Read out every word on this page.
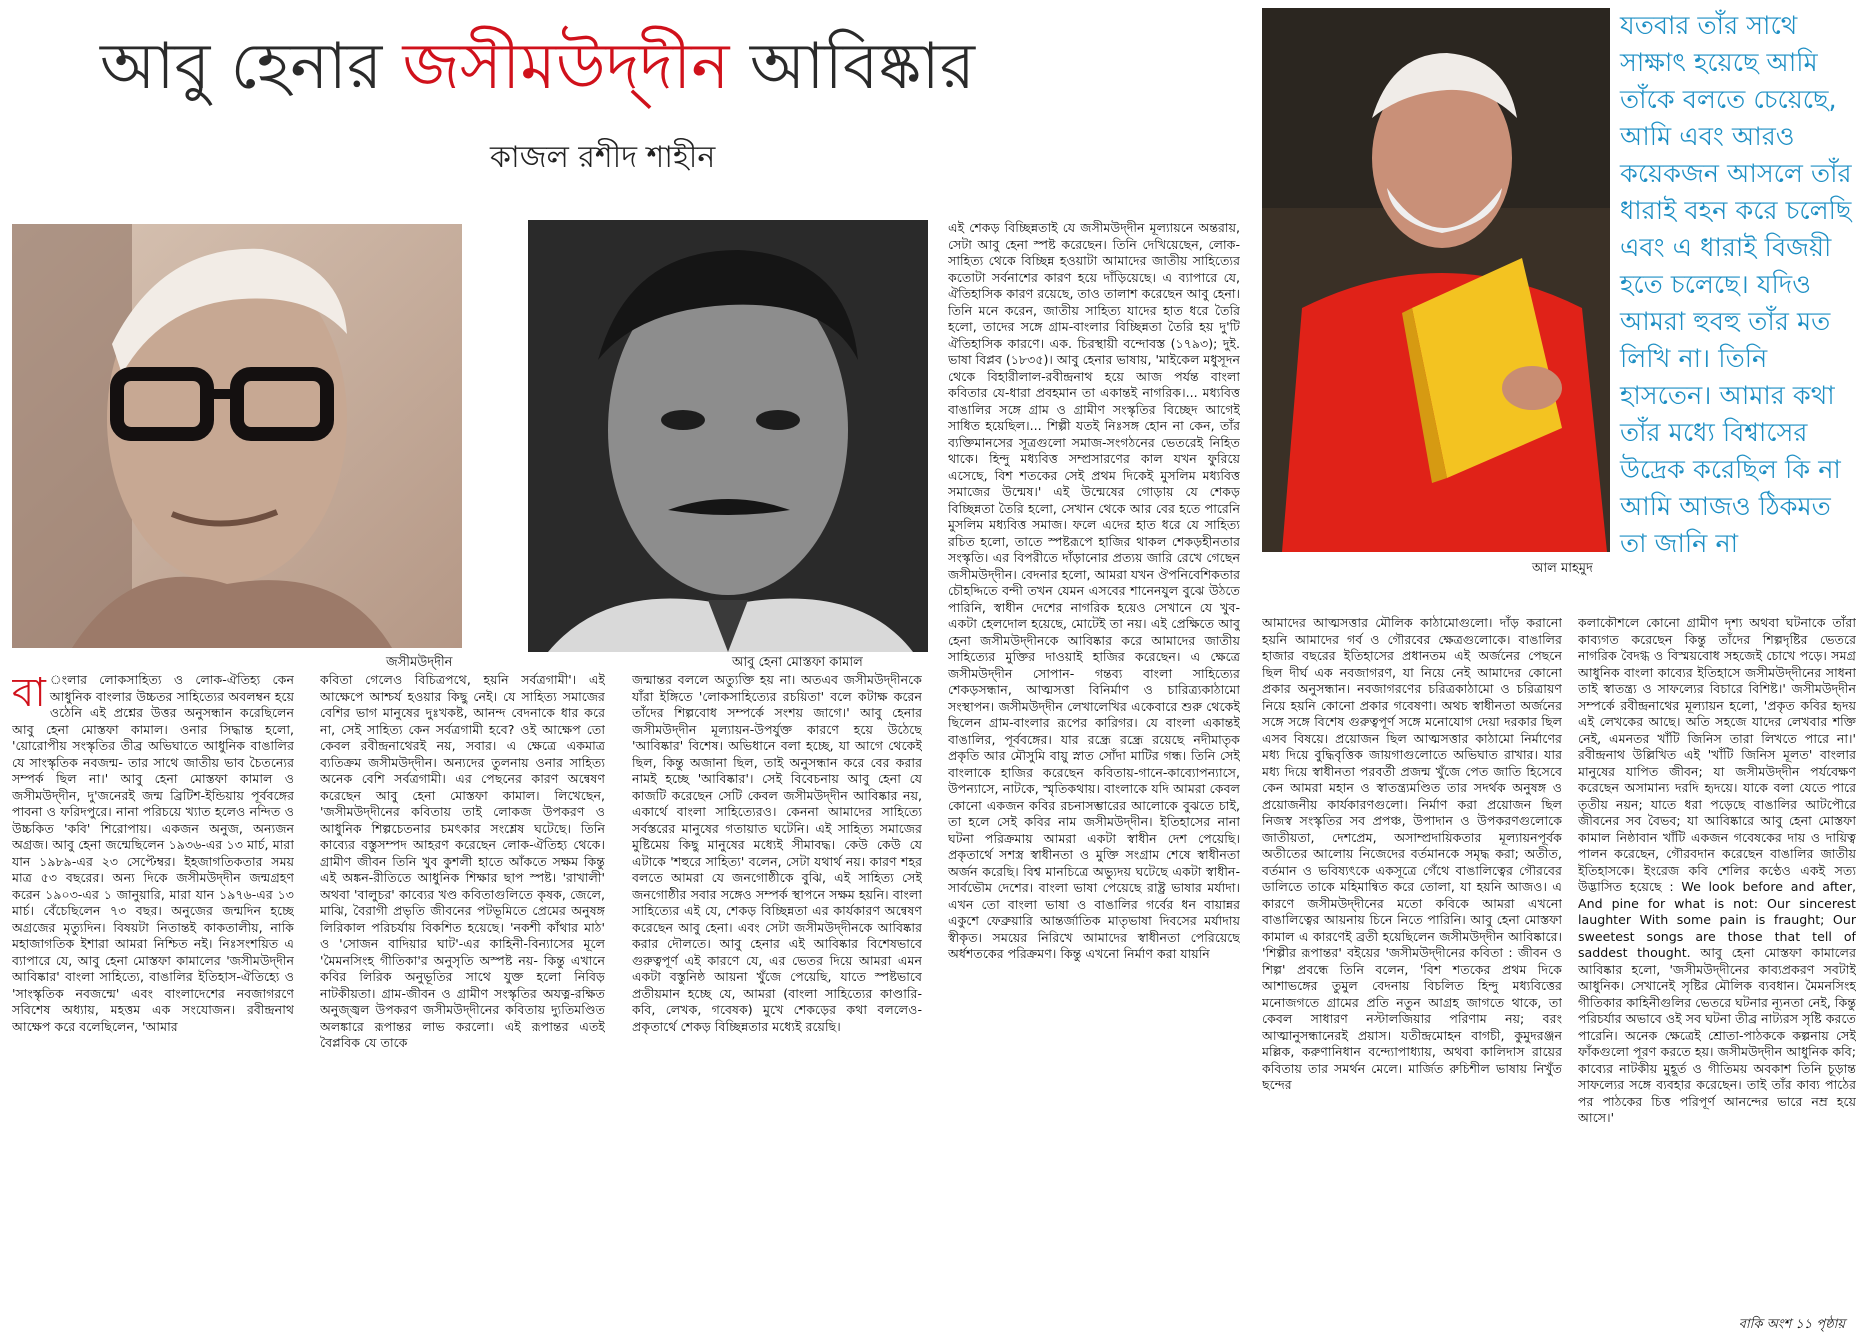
আবু হেনার জসীমউদ্‌দীন আবিষ্কার
কাজল রশীদ শাহীন
জসীমউদ্‌দীন	আবু হেনা মোস্তফা কামাল
আল মাহমুদ
যতবার তাঁর সাথে সাক্ষাৎ হয়েছে আমি তাঁকে বলতে চেয়েছে, আমি এবং আরও কয়েকজন আসলে তাঁর ধারাই বহন করে চলেছি এবং এ ধারাই বিজয়ী হতে চলেছে। যদিও আমরা হুবহু তাঁর মত লিখি না। তিনি হাসতেন। আমার কথা তাঁর মধ্যে বিশ্বাসের উদ্রেক করেছিল কি না আমি আজও ঠিকমত তা জানি না
বা ংলার লোকসাহিত্য ও লোক-ঐতিহ্য কেন আধুনিক বাংলার উচ্চতর সাহিত্যের অবলম্বন হয়ে ওঠেনি এই প্রশ্নের উত্তর অনুসন্ধান করেছিলেন আবু হেনা মোস্তফা কামাল। ওনার সিদ্ধান্ত হলো, 'য়োরোপীয় সংস্কৃতির তীব্র অভিঘাতে আধুনিক বাঙালির যে সাংস্কৃতিক নবজন্ম- তার সাথে জাতীয় ভাব চৈতন্যের সম্পর্ক ছিল না।' আবু হেনা মোস্তফা কামাল ও জসীমউদ্‌দীন, দু'জনেরই জন্ম ব্রিটিশ-ইন্ডিয়ায় পূর্ববঙ্গের পাবনা ও ফরিদপুরে। নানা পরিচয়ে খ্যাত হলেও নন্দিত ও উচ্চকিত 'কবি' শিরোপায়। একজন অনুজ, অন্যজন অগ্রজ। আবু হেনা জন্মেছিলেন ১৯৩৬-এর ১৩ মার্চ, মারা যান ১৯৮৯-এর ২৩ সেপ্টেম্বর। ইহজাগতিকতার সময় মাত্র ৫৩ বছরের। অন্য দিকে জসীমউদ্‌দীন জন্মগ্রহণ করেন ১৯০৩-এর ১ জানুয়ারি, মারা যান ১৯৭৬-এর ১৩ মার্চ। বেঁচেছিলেন ৭৩ বছর। অনুজের জন্মদিন হচ্ছে অগ্রজের মৃত্যুদিন। বিষয়টা নিতান্তই কাকতালীয়, নাকি মহাজাগতিক ইশারা আমরা নিশ্চিত নই। নিঃসংশয়িত এ ব্যাপারে যে, আবু হেনা মোস্তফা কামালের 'জসীমউদ্‌দীন আবিষ্কার' বাংলা সাহিত্যে, বাঙালির ইতিহাস-ঐতিহ্যে ও 'সাংস্কৃতিক নবজন্মে' এবং বাংলাদেশের নবজাগরণে সবিশেষ অধ্যায়, মহত্তম এক সংযোজন। রবীন্দ্রনাথ আক্ষেপ করে বলেছিলেন, 'আমার
কবিতা গেলেও বিচিত্রপথে, হয়নি সর্বত্রগামী'। এই আক্ষেপে আশ্চর্য হওয়ার কিছু নেই। যে সাহিত্য সমাজের বেশির ভাগ মানুষের দুঃখকষ্ট, আনন্দ বেদনাকে ধার করে না, সেই সাহিত্য কেন সর্বত্রগামী হবে? ওই আক্ষেপ তো কেবল রবীন্দ্রনাথেরই নয়, সবার। এ ক্ষেত্রে একমাত্র ব্যতিক্রম জসীমউদ্‌দীন। অন্যদের তুলনায় ওনার সাহিত্য অনেক বেশি সর্বত্রগামী। এর পেছনের কারণ অন্বেষণ করেছেন আবু হেনা মোস্তফা কামাল। লিখেছেন, 'জসীমউদ্‌দীনের কবিতায় তাই লোকজ উপকরণ ও আধুনিক শিল্পচেতনার চমৎকার সংশ্লেষ ঘটেছে। তিনি কাব্যের বস্তুসম্পদ আহরণ করেছেন লোক-ঐতিহ্য থেকে। গ্রামীণ জীবন তিনি খুব কুশলী হাতে আঁকতে সক্ষম কিন্তু এই অঙ্কন-রীতিতে আধুনিক শিক্ষার ছাপ স্পষ্ট। 'রাখালী' অথবা 'বালুচর' কাব্যের খণ্ড কবিতাগুলিতে কৃষক, জেলে, মাঝি, বৈরাগী প্রভৃতি জীবনের পটভূমিতে প্রেমের অনুষঙ্গ লিরিকাল পরিচর্যায় বিকশিত হয়েছে। 'নকশী কাঁথার মাঠ' ও 'সোজন বাদিয়ার ঘাট'-এর কাহিনী-বিন্যাসের মূলে 'মৈমনসিংহ গীতিকা'র অনুসৃতি অস্পষ্ট নয়- কিন্তু এখানে কবির লিরিক অনুভূতির সাথে যুক্ত হলো নিবিড় নাটকীয়তা। গ্রাম-জীবন ও গ্রামীণ সংস্কৃতির অযত্ন-রক্ষিত অনুজ্জ্বল উপকরণ জসীমউদ্‌দীনের কবিতায় দ্যুতিমণ্ডিত অলঙ্কারে রূপান্তর লাভ করলো। এই রূপান্তর এতই বৈপ্লবিক যে তাকে
জন্মান্তর বললে অত্যুক্তি হয় না। অতএব জসীমউদ্‌দীনকে যাঁরা ইঙ্গিতে 'লোকসাহিত্যের রচয়িতা' বলে কটাক্ষ করেন তাঁদের শিল্পবোধ সম্পর্কে সংশয় জাগে।' আবু হেনার জসীমউদ্‌দীন মূল্যায়ন-উপর্যুক্ত কারণে হয়ে উঠেছে 'আবিষ্কার' বিশেষ। অভিধানে বলা হচ্ছে, যা আগে থেকেই ছিল, কিন্তু অজানা ছিল, তাই অনুসন্ধান করে বের করার নামই হচ্ছে 'আবিষ্কার'। সেই বিবেচনায় আবু হেনা যে কাজটি করেছেন সেটি কেবল জসীমউদ্‌দীন আবিষ্কার নয়, একার্থে বাংলা সাহিত্যেরও। কেননা আমাদের সাহিত্যে সর্বস্তরের মানুষের গতায়াত ঘটেনি। এই সাহিত্য সমাজের মুষ্টিমেয় কিছু মানুষের মধ্যেই সীমাবদ্ধ। কেউ কেউ যে এটাকে 'শহুরে সাহিত্য' বলেন, সেটা যথার্থ নয়। কারণ শহর বলতে আমরা যে জনগোষ্ঠীকে বুঝি, এই সাহিত্য সেই জনগোষ্ঠীর সবার সঙ্গেও সম্পর্ক স্থাপনে সক্ষম হয়নি। বাংলা সাহিত্যের এই যে, শেকড় বিচ্ছিন্নতা এর কার্যকারণ অন্বেষণ করেছেন আবু হেনা। এবং সেটা জসীমউদ্‌দীনকে আবিষ্কার করার দৌলতে। আবু হেনার এই আবিষ্কার বিশেষভাবে গুরুত্বপূর্ণ এই কারণে যে, এর ভেতর দিয়ে আমরা এমন একটা বস্তুনিষ্ঠ আয়না খুঁজে পেয়েছি, যাতে স্পষ্টভাবে প্রতীয়মান হচ্ছে যে, আমরা (বাংলা সাহিত্যের কাণ্ডারি- কবি, লেখক, গবেষক) মুখে শেকড়ের কথা বললেও- প্রকৃতার্থে শেকড় বিচ্ছিন্নতার মধ্যেই রয়েছি।
এই শেকড় বিচ্ছিন্নতাই যে জসীমউদ্‌দীন মূল্যায়নে অন্তরায়, সেটা আবু হেনা স্পষ্ট করেছেন। তিনি দেখিয়েছেন, লোক-সাহিত্য থেকে বিচ্ছিন্ন হওয়াটা আমাদের জাতীয় সাহিত্যের কতোটা সর্বনাশের কারণ হয়ে দাঁড়িয়েছে। এ ব্যাপারে যে, ঐতিহাসিক কারণ রয়েছে, তাও তালাশ করেছেন আবু হেনা। তিনি মনে করেন, জাতীয় সাহিত্য যাদের হাত ধরে তৈরি হলো, তাদের সঙ্গে গ্রাম-বাংলার বিচ্ছিন্নতা তৈরি হয় দু'টি ঐতিহাসিক কারণে। এক. চিরস্থায়ী বন্দোবস্ত (১৭৯৩); দুই. ভাষা বিপ্লব (১৮৩৫)। আবু হেনার ভাষায়, 'মাইকেল মধুসূদন থেকে বিহারীলাল-রবীন্দ্রনাথ হয়ে আজ পর্যন্ত বাংলা কবিতার যে-ধারা প্রবহমান তা একান্তই নাগরিক।... মধ্যবিত্ত বাঙালির সঙ্গে গ্রাম ও গ্রামীণ সংস্কৃতির বিচ্ছেদ আগেই সাধিত হয়েছিল।... শিল্পী যতই নিঃসঙ্গ হোন না কেন, তাঁর ব্যক্তিমানসের সূত্রগুলো সমাজ-সংগঠনের ভেতরেই নিহিত থাকে। হিন্দু মধ্যবিত্ত সম্প্রসারণের কাল যখন ফুরিয়ে এসেছে, বিশ শতকের সেই প্রথম দিকেই মুসলিম মধ্যবিত্ত সমাজের উন্মেষ।' এই উন্মেষের গোড়ায় যে শেকড় বিচ্ছিন্নতা তৈরি হলো, সেখান থেকে আর বের হতে পারেনি মুসলিম মধ্যবিত্ত সমাজ। ফলে এদের হাত ধরে যে সাহিত্য রচিত হলো, তাতে স্পষ্টরূপে হাজির থাকল শেকড়হীনতার সংস্কৃতি। এর বিপরীতে দাঁড়ানোর প্রত্যয় জারি রেখে গেছেন জসীমউদ্‌দীন। বেদনার হলো, আমরা যখন ঔপনিবেশিকতার চৌহদ্দিতে বন্দী তখন যেমন এসবের শানেনযুল বুঝে উঠতে পারিনি, স্বাধীন দেশের নাগরিক হয়েও সেখানে যে খুব-একটা হেলদোল হয়েছে, মোটেই তা নয়। এই প্রেক্ষিতে আবু হেনা জসীমউদ্‌দীনকে আবিষ্কার করে আমাদের জাতীয় সাহিত্যের মুক্তির দাওয়াই হাজির করেছেন। এ ক্ষেত্রে জসীমউদ্‌দীন সোপান- গন্তব্য বাংলা সাহিত্যের শেকড়সন্ধান, আত্মসত্তা বিনির্মাণ ও চারিত্র্যকাঠামো সংস্থাপন। জসীমউদ্‌দীন লেখালেখির একেবারে শুরু থেকেই ছিলেন গ্রাম-বাংলার রূপের কারিগর। যে বাংলা একান্তই বাঙালির, পূর্ববঙ্গের। যার রন্ধ্রে রন্ধ্রে রয়েছে নদীমাতৃক প্রকৃতি আর মৌসুমি বায়ু স্নাত সোঁদা মাটির গন্ধ। তিনি সেই বাংলাকে হাজির করেছেন কবিতায়-গানে-কাব্যোপন্যাসে, উপন্যাসে, নাটকে, স্মৃতিকথায়। বাংলাকে যদি আমরা কেবল কোনো একজন কবির রচনাসম্ভারের আলোকে বুঝতে চাই, তা হলে সেই কবির নাম জসীমউদ্‌দীন। ইতিহাসের নানা ঘটনা পরিক্রমায় আমরা একটা স্বাধীন দেশ পেয়েছি। প্রকৃতার্থে সশস্ত্র স্বাধীনতা ও মুক্তি সংগ্রাম শেষে স্বাধীনতা অর্জন করেছি। বিশ্ব মানচিত্রে অভ্যুদয় ঘটেছে একটা স্বাধীন-সার্বভৌম দেশের। বাংলা ভাষা পেয়েছে রাষ্ট্র ভাষার মর্যাদা। এখন তো বাংলা ভাষা ও বাঙালির গর্বের ধন বায়ান্নর একুশে ফেব্রুয়ারি আন্তর্জাতিক মাতৃভাষা দিবসের মর্যাদায় স্বীকৃত। সময়ের নিরিখে আমাদের স্বাধীনতা পেরিয়েছে অর্ধশতকের পরিক্রমণ। কিন্তু এখনো নির্মাণ করা যায়নি
আমাদের আত্মসত্তার মৌলিক কাঠামোগুলো। দাঁড় করানো হয়নি আমাদের গর্ব ও গৌরবের ক্ষেত্রগুলোকে। বাঙালির হাজার বছরের ইতিহাসের প্রধানতম এই অর্জনের পেছনে ছিল দীর্ঘ এক নবজাগরণ, যা নিয়ে নেই আমাদের কোনো প্রকার অনুসন্ধান। নবজাগরণের চরিত্রকাঠামো ও চরিত্রায়ণ নিয়ে হয়নি কোনো প্রকার গবেষণা। অথচ স্বাধীনতা অর্জনের সঙ্গে সঙ্গে বিশেষ গুরুত্বপূর্ণ সঙ্গে মনোযোগ দেয়া দরকার ছিল এসব বিষয়ে। প্রয়োজন ছিল আত্মসত্তার কাঠামো নির্মাণের মধ্য দিয়ে বুদ্ধিবৃত্তিক জায়গাগুলোতে অভিঘাত রাখার। যার মধ্য দিয়ে স্বাধীনতা পরবর্তী প্রজন্ম খুঁজে পেত জাতি হিসেবে কেন আমরা মহান ও স্বাতন্ত্র্যমণ্ডিত তার সদর্থক অনুষঙ্গ ও প্রয়োজনীয় কার্যকারণগুলো। নির্মাণ করা প্রয়োজন ছিল নিজস্ব সংস্কৃতির সব প্রপঞ্চ, উপাদান ও উপকরণগুলোকে জাতীয়তা, দেশপ্রেম, অসাম্প্রদায়িকতার মূল্যায়নপূর্বক অতীতের আলোয় নিজেদের বর্তমানকে সমৃদ্ধ করা; অতীত, বর্তমান ও ভবিষ্যৎকে একসূত্রে গেঁথে বাঙালিত্বের গৌরবের ডালিতে তাকে মহিমান্বিত করে তোলা, যা হয়নি আজও। এ কারণে জসীমউদ্‌দীনের মতো কবিকে আমরা এখনো বাঙালিত্বের আয়নায় চিনে নিতে পারিনি। আবু হেনা মোস্তফা কামাল এ কারণেই ব্রতী হয়েছিলেন জসীমউদ্‌দীন আবিষ্কারে। 'শিল্পীর রূপান্তর' বইয়ের 'জসীমউদ্‌দীনের কবিতা : জীবন ও শিল্প' প্রবন্ধে তিনি বলেন, 'বিশ শতকের প্রথম দিকে আশাভঙ্গের তুমুল বেদনায় বিচলিত হিন্দু মধ্যবিত্তের মনোজগতে গ্রামের প্রতি নতুন আগ্রহ জাগতে থাকে, তা কেবল সাধারণ নস্টালজিয়ার পরিণাম নয়; বরং আত্মানুসন্ধানেরই প্রয়াস। যতীন্দ্রমোহন বাগচী, কুমুদরঞ্জন মল্লিক, করুণানিধান বন্দ্যোপাধ্যায়, অথবা কালিদাস রায়ের কবিতায় তার সমর্থন মেলে। মার্জিত রুচিশীল ভাষায় নিখুঁত ছন্দের
কলাকৌশলে কোনো গ্রামীণ দৃশ্য অথবা ঘটনাকে তাঁরা কাব্যগত করেছেন কিন্তু তাঁদের শিল্পদৃষ্টির ভেতরে নাগরিক বৈদগ্ধ ও বিস্ময়বোধ সহজেই চোখে পড়ে। সমগ্র আধুনিক বাংলা কাব্যের ইতিহাসে জসীমউদ্‌দীনের সাধনা তাই স্বাতন্ত্র্য ও সাফল্যের বিচারে বিশিষ্ট।' জসীমউদ্‌দীন সম্পর্কে রবীন্দ্রনাথের মূল্যায়ন হলো, 'প্রকৃত কবির হৃদয় এই লেখকের আছে। অতি সহজে যাদের লেখবার শক্তি নেই, এমনতর খাঁটি জিনিস তারা লিখতে পারে না।' রবীন্দ্রনাথ উল্লিখিত এই 'খাঁটি জিনিস মূলত' বাংলার মানুষের যাপিত জীবন; যা জসীমউদ্‌দীন পর্যবেক্ষণ করেছেন অসামান্য দরদি হৃদয়ে। যাকে বলা যেতে পারে তৃতীয় নয়ন; যাতে ধরা পড়েছে বাঙালির আটপৌরে জীবনের সব বৈভব; যা আবিষ্কারে আবু হেনা মোস্তফা কামাল নিষ্ঠাবান খাঁটি একজন গবেষকের দায় ও দায়িত্ব পালন করেছেন, গৌরবদান করেছেন বাঙালির জাতীয় ইতিহাসকে। ইংরেজ কবি শেলির কণ্ঠেও একই সত্য উদ্ভাসিত হয়েছে : We look before and after, And pine for what is not: Our sincerest laughter With some pain is fraught; Our sweetest songs are those that tell of saddest thought. আবু হেনা মোস্তফা কামালের আবিষ্কার হলো, 'জসীমউদ্‌দীনের কাব্যপ্রকরণ সবটাই আধুনিক। সেখানেই সৃষ্টির মৌলিক ব্যবধান। মৈমনসিংহ গীতিকার কাহিনীগুলির ভেতরে ঘটনার ন্যূনতা নেই, কিন্তু পরিচর্যার অভাবে ওই সব ঘটনা তীব্র নাট্যরস সৃষ্টি করতে পারেনি। অনেক ক্ষেত্রেই শ্রোতা-পাঠককে কল্পনায় সেই ফাঁকগুলো পূরণ করতে হয়। জসীমউদ্‌দীন আধুনিক কবি; কাব্যের নাটকীয় মুহূর্ত ও গীতিময় অবকাশ তিনি চূড়ান্ত সাফল্যের সঙ্গে ব্যবহার করেছেন। তাই তাঁর কাব্য পাঠের পর পাঠকের চিত্ত পরিপূর্ণ আনন্দের ভারে নম্র হয়ে আসে।'
বাকি অংশ ১১ পৃষ্ঠায়
